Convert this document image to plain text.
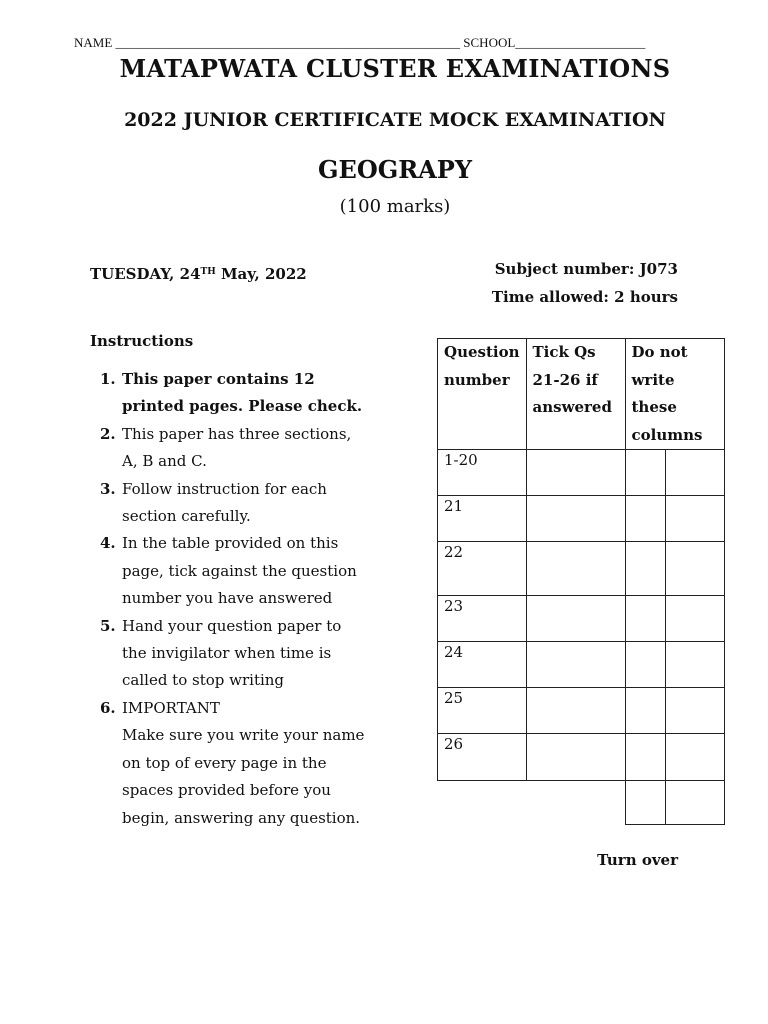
NAME _____________________________________________________ SCHOOL____________________
MATAPWATA CLUSTER EXAMINATIONS
2022 JUNIOR CERTIFICATE MOCK EXAMINATION
GEOGRAPY
(100 marks)
TUESDAY, 24TH May, 2022	Subject number: J073
Time allowed: 2 hours
Instructions
1. This paper contains 12 printed pages. Please check.
2. This paper has three sections, A, B and C.
3. Follow instruction for each section carefully.
4. In the table provided on this page, tick against the question number you have answered
5. Hand your question paper to the invigilator when time is called to stop writing
6. IMPORTANT
Make sure you write your name on top of every page in the spaces provided before you begin, answering any question.
Question number	Tick Qs 21-26 if answered	Do not write these columns	
1-20			
21			
22			
23			
24			
25			
26			

Turn over
